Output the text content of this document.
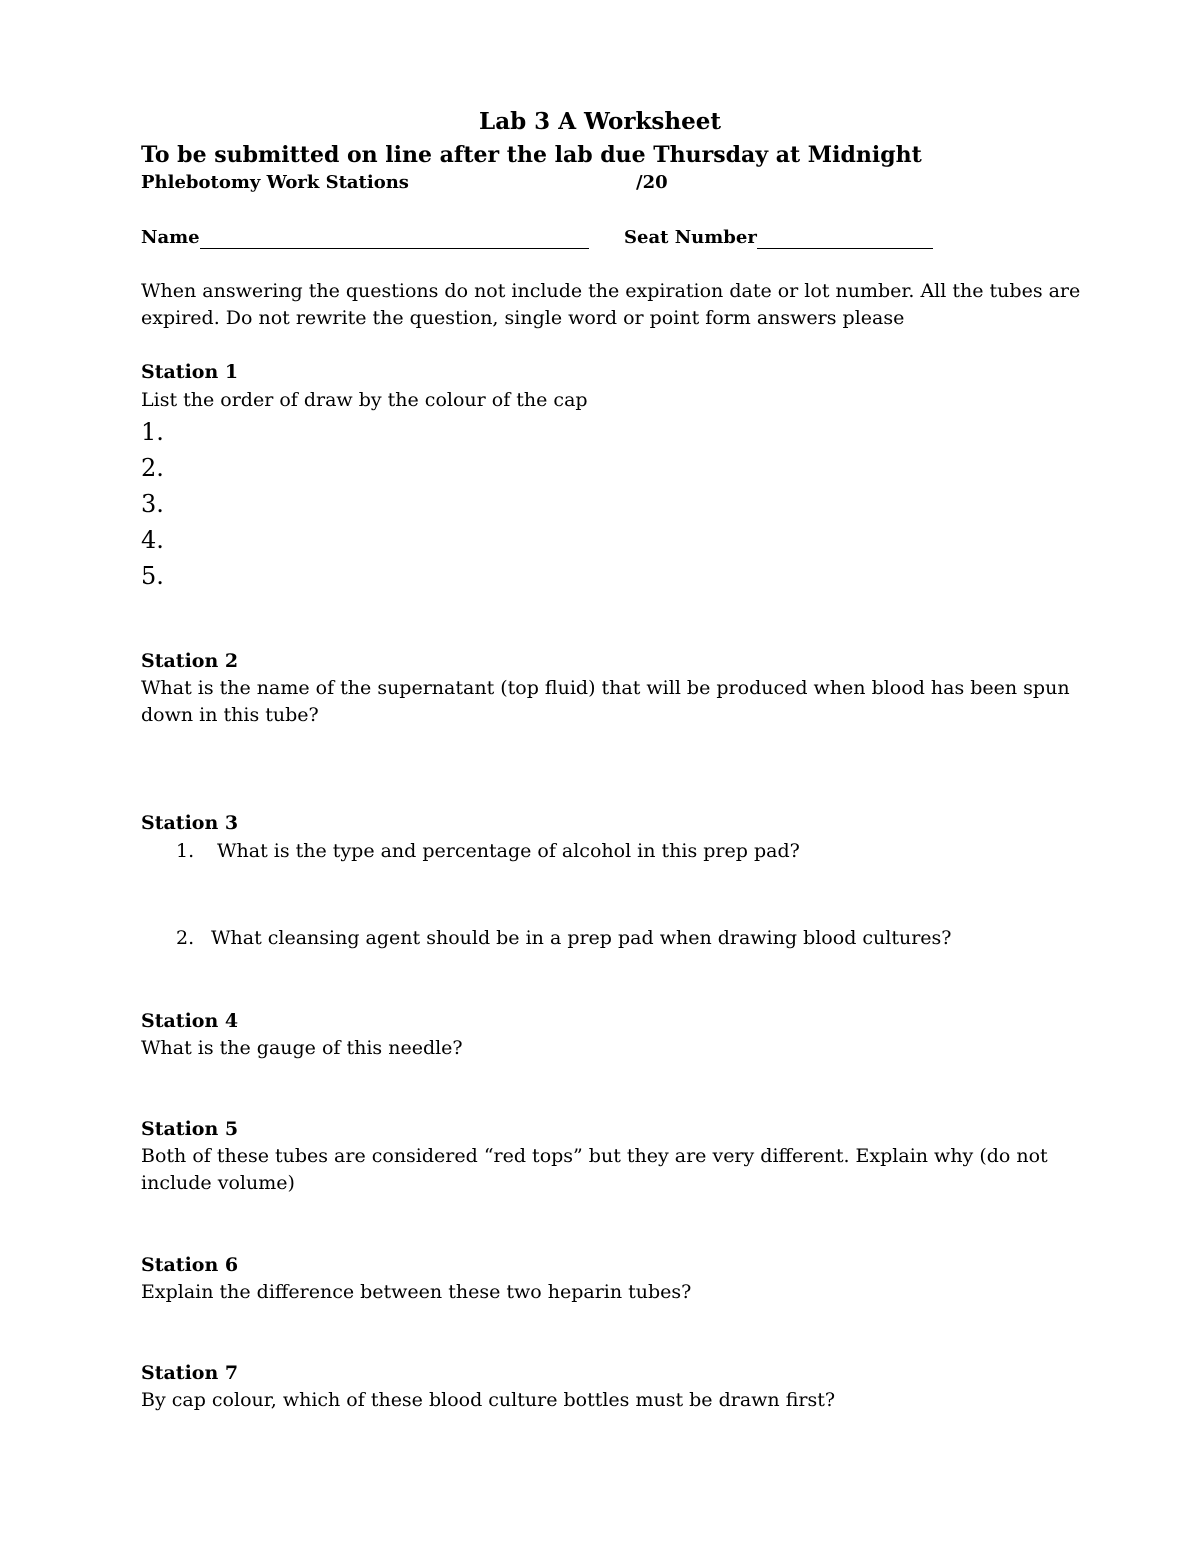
Lab 3 A Worksheet
To be submitted on line after the lab due Thursday at Midnight
Phlebotomy Work Stations	/20
Name	Seat Number
When answering the questions do not include the expiration date or lot number. All the tubes are
expired. Do not rewrite the question, single word or point form answers please
Station 1
List the order of draw by the colour of the cap
1.
2.
3.
4.
5.
Station 2
What is the name of the supernatant (top fluid) that will be produced when blood has been spun
down in this tube?
Station 3
1. What is the type and percentage of alcohol in this prep pad?
2. What cleansing agent should be in a prep pad when drawing blood cultures?
Station 4
What is the gauge of this needle?
Station 5
Both of these tubes are considered “red tops” but they are very different. Explain why (do not
include volume)
Station 6
Explain the difference between these two heparin tubes?
Station 7
By cap colour, which of these blood culture bottles must be drawn first?
